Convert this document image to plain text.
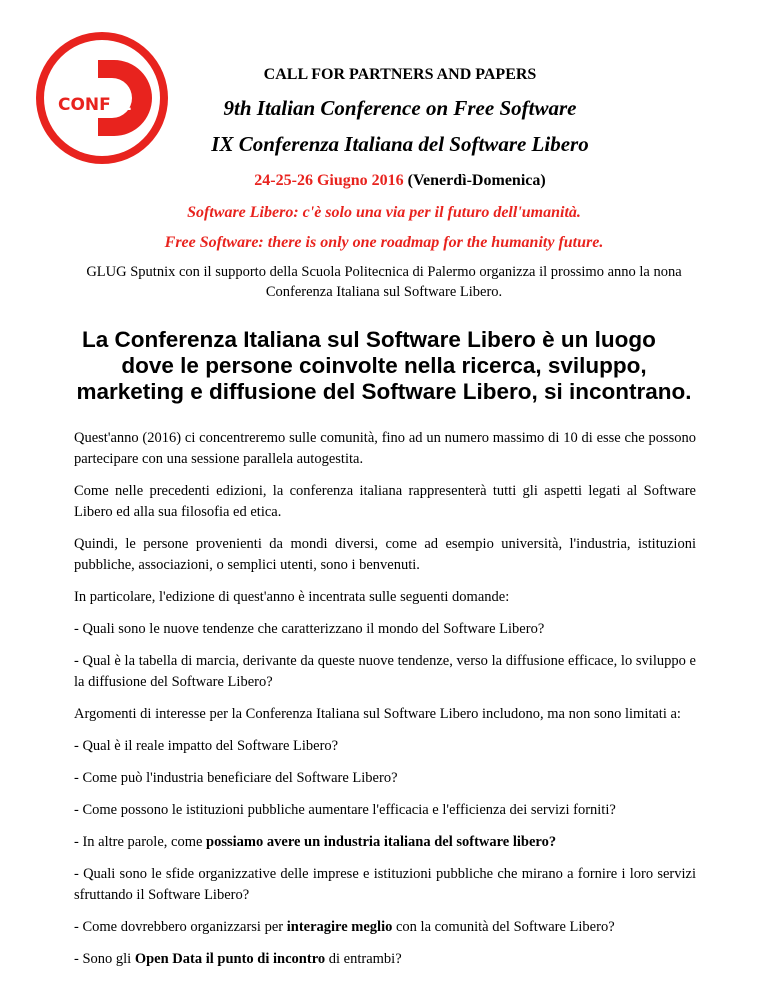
CONF
SL
CALL FOR PARTNERS AND PAPERS
9th Italian Conference on Free Software
IX Conferenza Italiana del Software Libero
24-25-26 Giugno 2016 (Venerdì-Domenica)
Software Libero: c'è solo una via per il futuro dell'umanità.
Free Software: there is only one roadmap for the humanity future.
GLUG Sputnix con il supporto della Scuola Politecnica di Palermo organizza il prossimo anno la nona Conferenza Italiana sul Software Libero.
La Conferenza Italiana sul Software Libero è un luogo
dove le persone coinvolte nella ricerca, sviluppo, marketing e diffusione del Software Libero, si incontrano.

Quest'anno (2016) ci concentreremo sulle comunità, fino ad un numero massimo di 10 di esse che possono partecipare con una sessione parallela autogestita.

Come nelle precedenti edizioni, la conferenza italiana rappresenterà tutti gli aspetti legati al Software Libero ed alla sua filosofia ed etica.

Quindi, le persone provenienti da mondi diversi, come ad esempio università, l'industria, istituzioni pubbliche, associazioni, o semplici utenti, sono i benvenuti.

In particolare, l'edizione di quest'anno è incentrata sulle seguenti domande:

- Quali sono le nuove tendenze che caratterizzano il mondo del Software Libero?

- Qual è la tabella di marcia, derivante da queste nuove tendenze, verso la diffusione efficace, lo sviluppo e la diffusione del Software Libero?

Argomenti di interesse per la Conferenza Italiana sul Software Libero includono, ma non sono limitati a:

- Qual è il reale impatto del Software Libero?

- Come può l'industria beneficiare del Software Libero?

- Come possono le istituzioni pubbliche aumentare l'efficacia e l'efficienza dei servizi forniti?

- In altre parole, come possiamo avere un industria italiana del software libero?

- Quali sono le sfide organizzative delle imprese e istituzioni pubbliche che mirano a fornire i loro servizi sfruttando il Software Libero?

- Come dovrebbero organizzarsi per interagire meglio con la comunità del Software Libero?

- Sono gli Open Data il punto di incontro di entrambi?
